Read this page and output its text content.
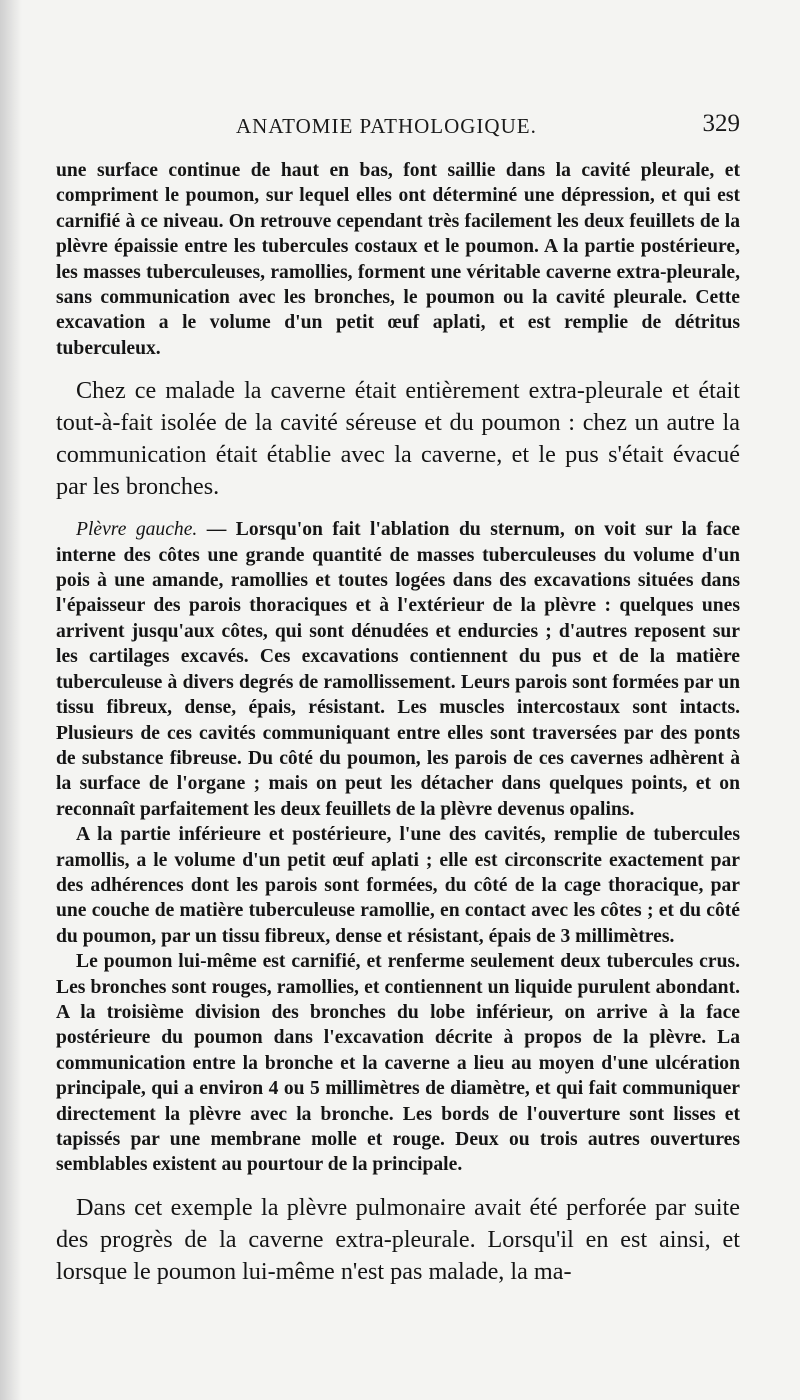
ANATOMIE PATHOLOGIQUE.	329

une surface continue de haut en bas, font saillie dans la cavité pleurale, et compriment le poumon, sur lequel elles ont déterminé une dépression, et qui est carnifié à ce niveau. On retrouve cependant très facilement les deux feuillets de la plèvre épaissie entre les tubercules costaux et le poumon. A la partie postérieure, les masses tuberculeuses, ramollies, forment une véritable caverne extra-pleurale, sans communication avec les bronches, le poumon ou la cavité pleurale. Cette excavation a le volume d'un petit œuf aplati, et est remplie de détritus tuberculeux.

Chez ce malade la caverne était entièrement extra-pleurale et était tout-à-fait isolée de la cavité séreuse et du poumon : chez un autre la communication était établie avec la caverne, et le pus s'était évacué par les bronches.

Plèvre gauche. — Lorsqu'on fait l'ablation du sternum, on voit sur la face interne des côtes une grande quantité de masses tuberculeuses du volume d'un pois à une amande, ramollies et toutes logées dans des excavations situées dans l'épaisseur des parois thoraciques et à l'extérieur de la plèvre : quelques unes arrivent jusqu'aux côtes, qui sont dénudées et endurcies ; d'autres reposent sur les cartilages excavés. Ces excavations contiennent du pus et de la matière tuberculeuse à divers degrés de ramollissement. Leurs parois sont formées par un tissu fibreux, dense, épais, résistant. Les muscles intercostaux sont intacts. Plusieurs de ces cavités communiquant entre elles sont traversées par des ponts de substance fibreuse. Du côté du poumon, les parois de ces cavernes adhèrent à la surface de l'organe ; mais on peut les détacher dans quelques points, et on reconnaît parfaitement les deux feuillets de la plèvre devenus opalins.

A la partie inférieure et postérieure, l'une des cavités, remplie de tubercules ramollis, a le volume d'un petit œuf aplati ; elle est circonscrite exactement par des adhérences dont les parois sont formées, du côté de la cage thoracique, par une couche de matière tuberculeuse ramollie, en contact avec les côtes ; et du côté du poumon, par un tissu fibreux, dense et résistant, épais de 3 millimètres.

Le poumon lui-même est carnifié, et renferme seulement deux tubercules crus. Les bronches sont rouges, ramollies, et contiennent un liquide purulent abondant. A la troisième division des bronches du lobe inférieur, on arrive à la face postérieure du poumon dans l'excavation décrite à propos de la plèvre. La communication entre la bronche et la caverne a lieu au moyen d'une ulcération principale, qui a environ 4 ou 5 millimètres de diamètre, et qui fait communiquer directement la plèvre avec la bronche. Les bords de l'ouverture sont lisses et tapissés par une membrane molle et rouge. Deux ou trois autres ouvertures semblables existent au pourtour de la principale.

Dans cet exemple la plèvre pulmonaire avait été perforée par suite des progrès de la caverne extra-pleurale. Lorsqu'il en est ainsi, et lorsque le poumon lui-même n'est pas malade, la ma-
